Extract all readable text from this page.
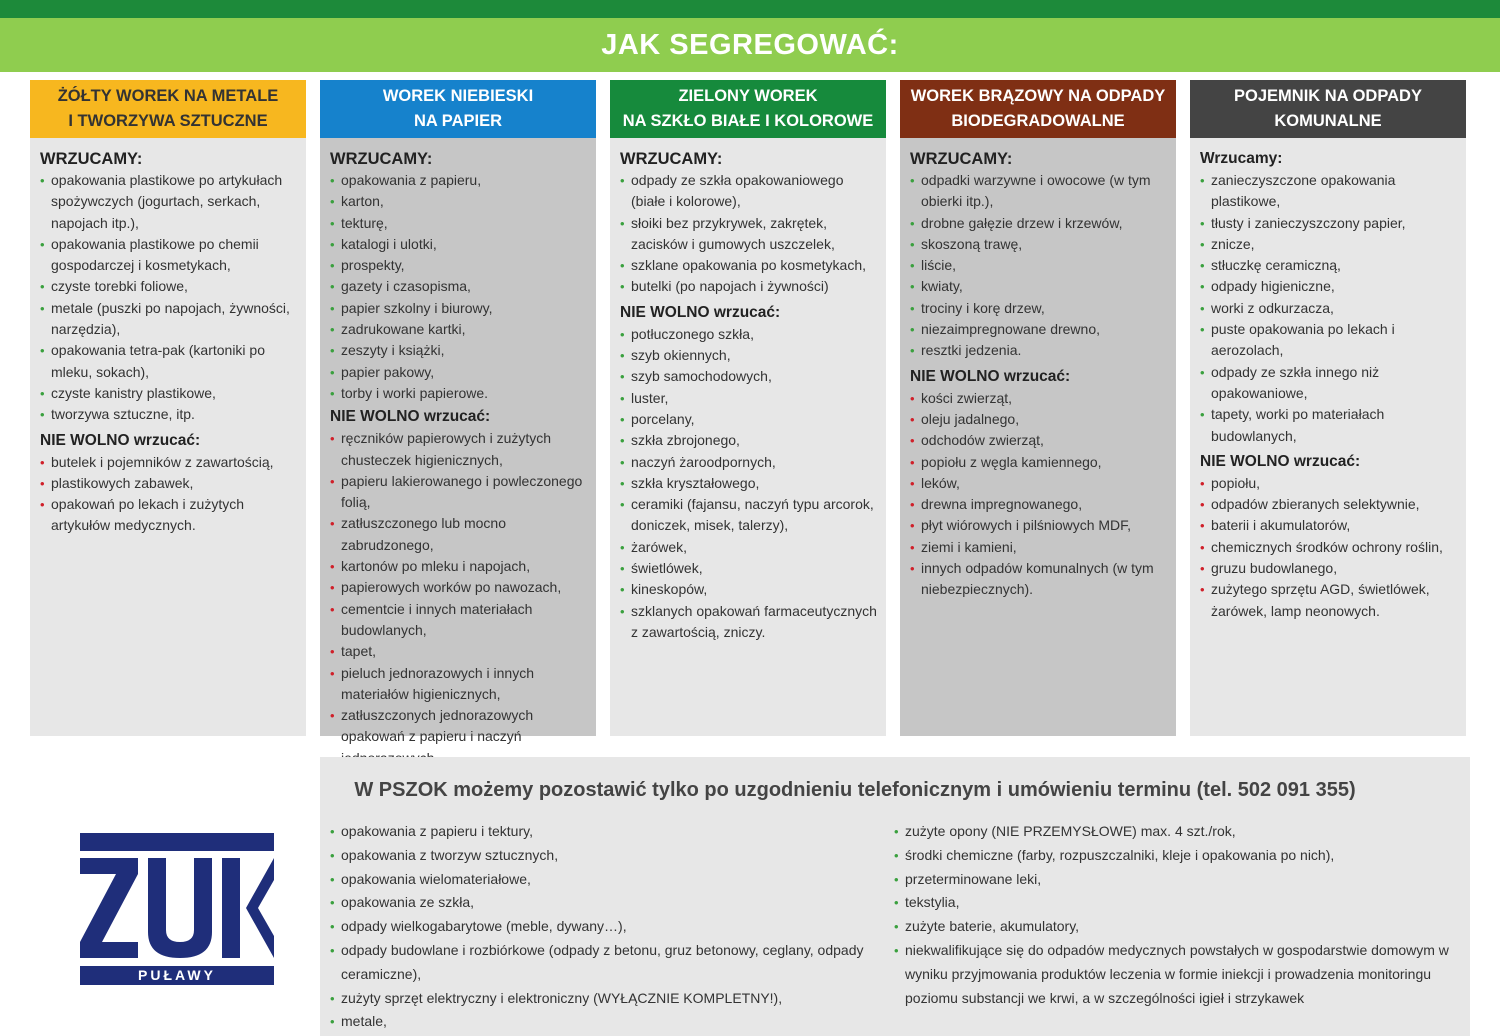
JAK SEGREGOWAĆ:
ŻÓŁTY WOREK NA METALE
I TWORZYWA SZTUCZNE
WRZUCAMY:
• opakowania plastikowe po artykułach spożywczych (jogurtach, serkach, napojach itp.),
• opakowania plastikowe po chemii gospodarczej i kosmetykach,
• czyste torebki foliowe,
• metale (puszki po napojach, żywności, narzędzia),
• opakowania tetra-pak (kartoniki po mleku, sokach),
• czyste kanistry plastikowe,
• tworzywa sztuczne, itp.
NIE WOLNO wrzucać:
• butelek i pojemników z zawartością,
• plastikowych zabawek,
• opakowań po lekach i zużytych artykułów medycznych.
WOREK NIEBIESKI
NA PAPIER
WRZUCAMY:
• opakowania z papieru,
• karton,
• tekturę,
• katalogi i ulotki,
• prospekty,
• gazety i czasopisma,
• papier szkolny i biurowy,
• zadrukowane kartki,
• zeszyty i książki,
• papier pakowy,
• torby i worki papierowe.
NIE WOLNO wrzucać:
• ręczników papierowych i zużytych chusteczek higienicznych,
• papieru lakierowanego i powleczonego folią,
• zatłuszczonego lub mocno zabrudzonego,
• kartonów po mleku i napojach,
• papierowych worków po nawozach,
• cementcie i innych materiałach budowlanych,
• tapet,
• pieluch jednorazowych i innych materiałów higienicznych,
• zatłuszczonych jednorazowych opakowań z papieru i naczyń
ZIELONY WOREK
NA SZKŁO BIAŁE I KOLOROWE
WRZUCAMY:
• odpady ze szkła opakowaniowego (białe i kolorowe),
• słoiki bez przykrywek, zakrętek, zacisków i gumowych uszczelek,
• szklane opakowania po kosmetykach,
• butelki (po napojach i żywności)
NIE WOLNO wrzucać:
• potłuczonego szkła,
• szyb okiennych,
• szyb samochodowych,
• luster,
• porcelany,
• szkła zbrojonego,
• naczyń żaroodpornych,
• szkła kryształowego,
• ceramiki (fajansu, naczyń typu arcorok, doniczek, misek, talerzy),
• żarówek,
• świetlówek,
• kineskopów,
• szklanych opakowań farmaceutycznych z zawartością, zniczy.
WOREK BRĄZOWY NA ODPADY
BIODEGRADOWALNE
WRZUCAMY:
• odpadki warzywne i owocowe (w tym obierki itp.),
• drobne gałęzie drzew i krzewów,
• skoszoną trawę,
• liście,
• kwiaty,
• trociny i korę drzew,
• niezaimpregnowane drewno,
• resztki jedzenia.
NIE WOLNO wrzucać:
• kości zwierząt,
• oleju jadalnego,
• odchodów zwierząt,
• popiołu z węgla kamiennego,
• leków,
• drewna impregnowanego,
• płyt wiórowych i pilśniowych MDF,
• ziemi i kamieni,
• innych odpadów komunalnych (w tym niebezpiecznych).
POJEMNIK NA ODPADY
KOMUNALNE
Wrzucamy:
• zanieczyszczone opakowania plastikowe,
• tłusty i zanieczyszczony papier,
• znicze,
• stłuczkę ceramiczną,
• odpady higieniczne,
• worki z odkurzacza,
• puste opakowania po lekach i aerozolach,
• odpady ze szkła innego niż opakowaniowe,
• tapety, worki po materiałach budowlanych,
NIE WOLNO wrzucać:
• popiołu,
• odpadów zbieranych selektywnie,
• baterii i akumulatorów,
• chemicznych środków ochrony roślin,
• gruzu budowlanego,
• zużytego sprzętu AGD, świetlówek, żarówek, lamp neonowych.
PUŁAWY
W PSZOK możemy pozostawić tylko po uzgodnieniu telefonicznym i umówieniu terminu (tel. 502 091 355)
• opakowania z papieru i tektury,
• opakowania z tworzyw sztucznych,
• opakowania wielomateriałowe,
• opakowania ze szkła,
• odpady wielkogabarytowe (meble, dywany…),
• odpady budowlane i rozbiórkowe (odpady z betonu, gruz betonowy, ceglany, odpady ceramiczne),
• zużyty sprzęt elektryczny i elektroniczny (WYŁĄCZNIE KOMPLETNY!),
• metale,
• zużyte opony (NIE PRZEMYSŁOWE) max. 4 szt./rok,
• środki chemiczne (farby, rozpuszczalniki, kleje i opakowania po nich),
• przeterminowane leki,
• tekstylia,
• zużyte baterie, akumulatory,
• niekwalifikujące się do odpadów medycznych powstałych w gospodarstwie domowym w wyniku przyjmowania produktów leczenia w formie iniekcji i prowadzenia monitoringu poziomu substancji we krwi, a w szczególności igieł i strzykawek
